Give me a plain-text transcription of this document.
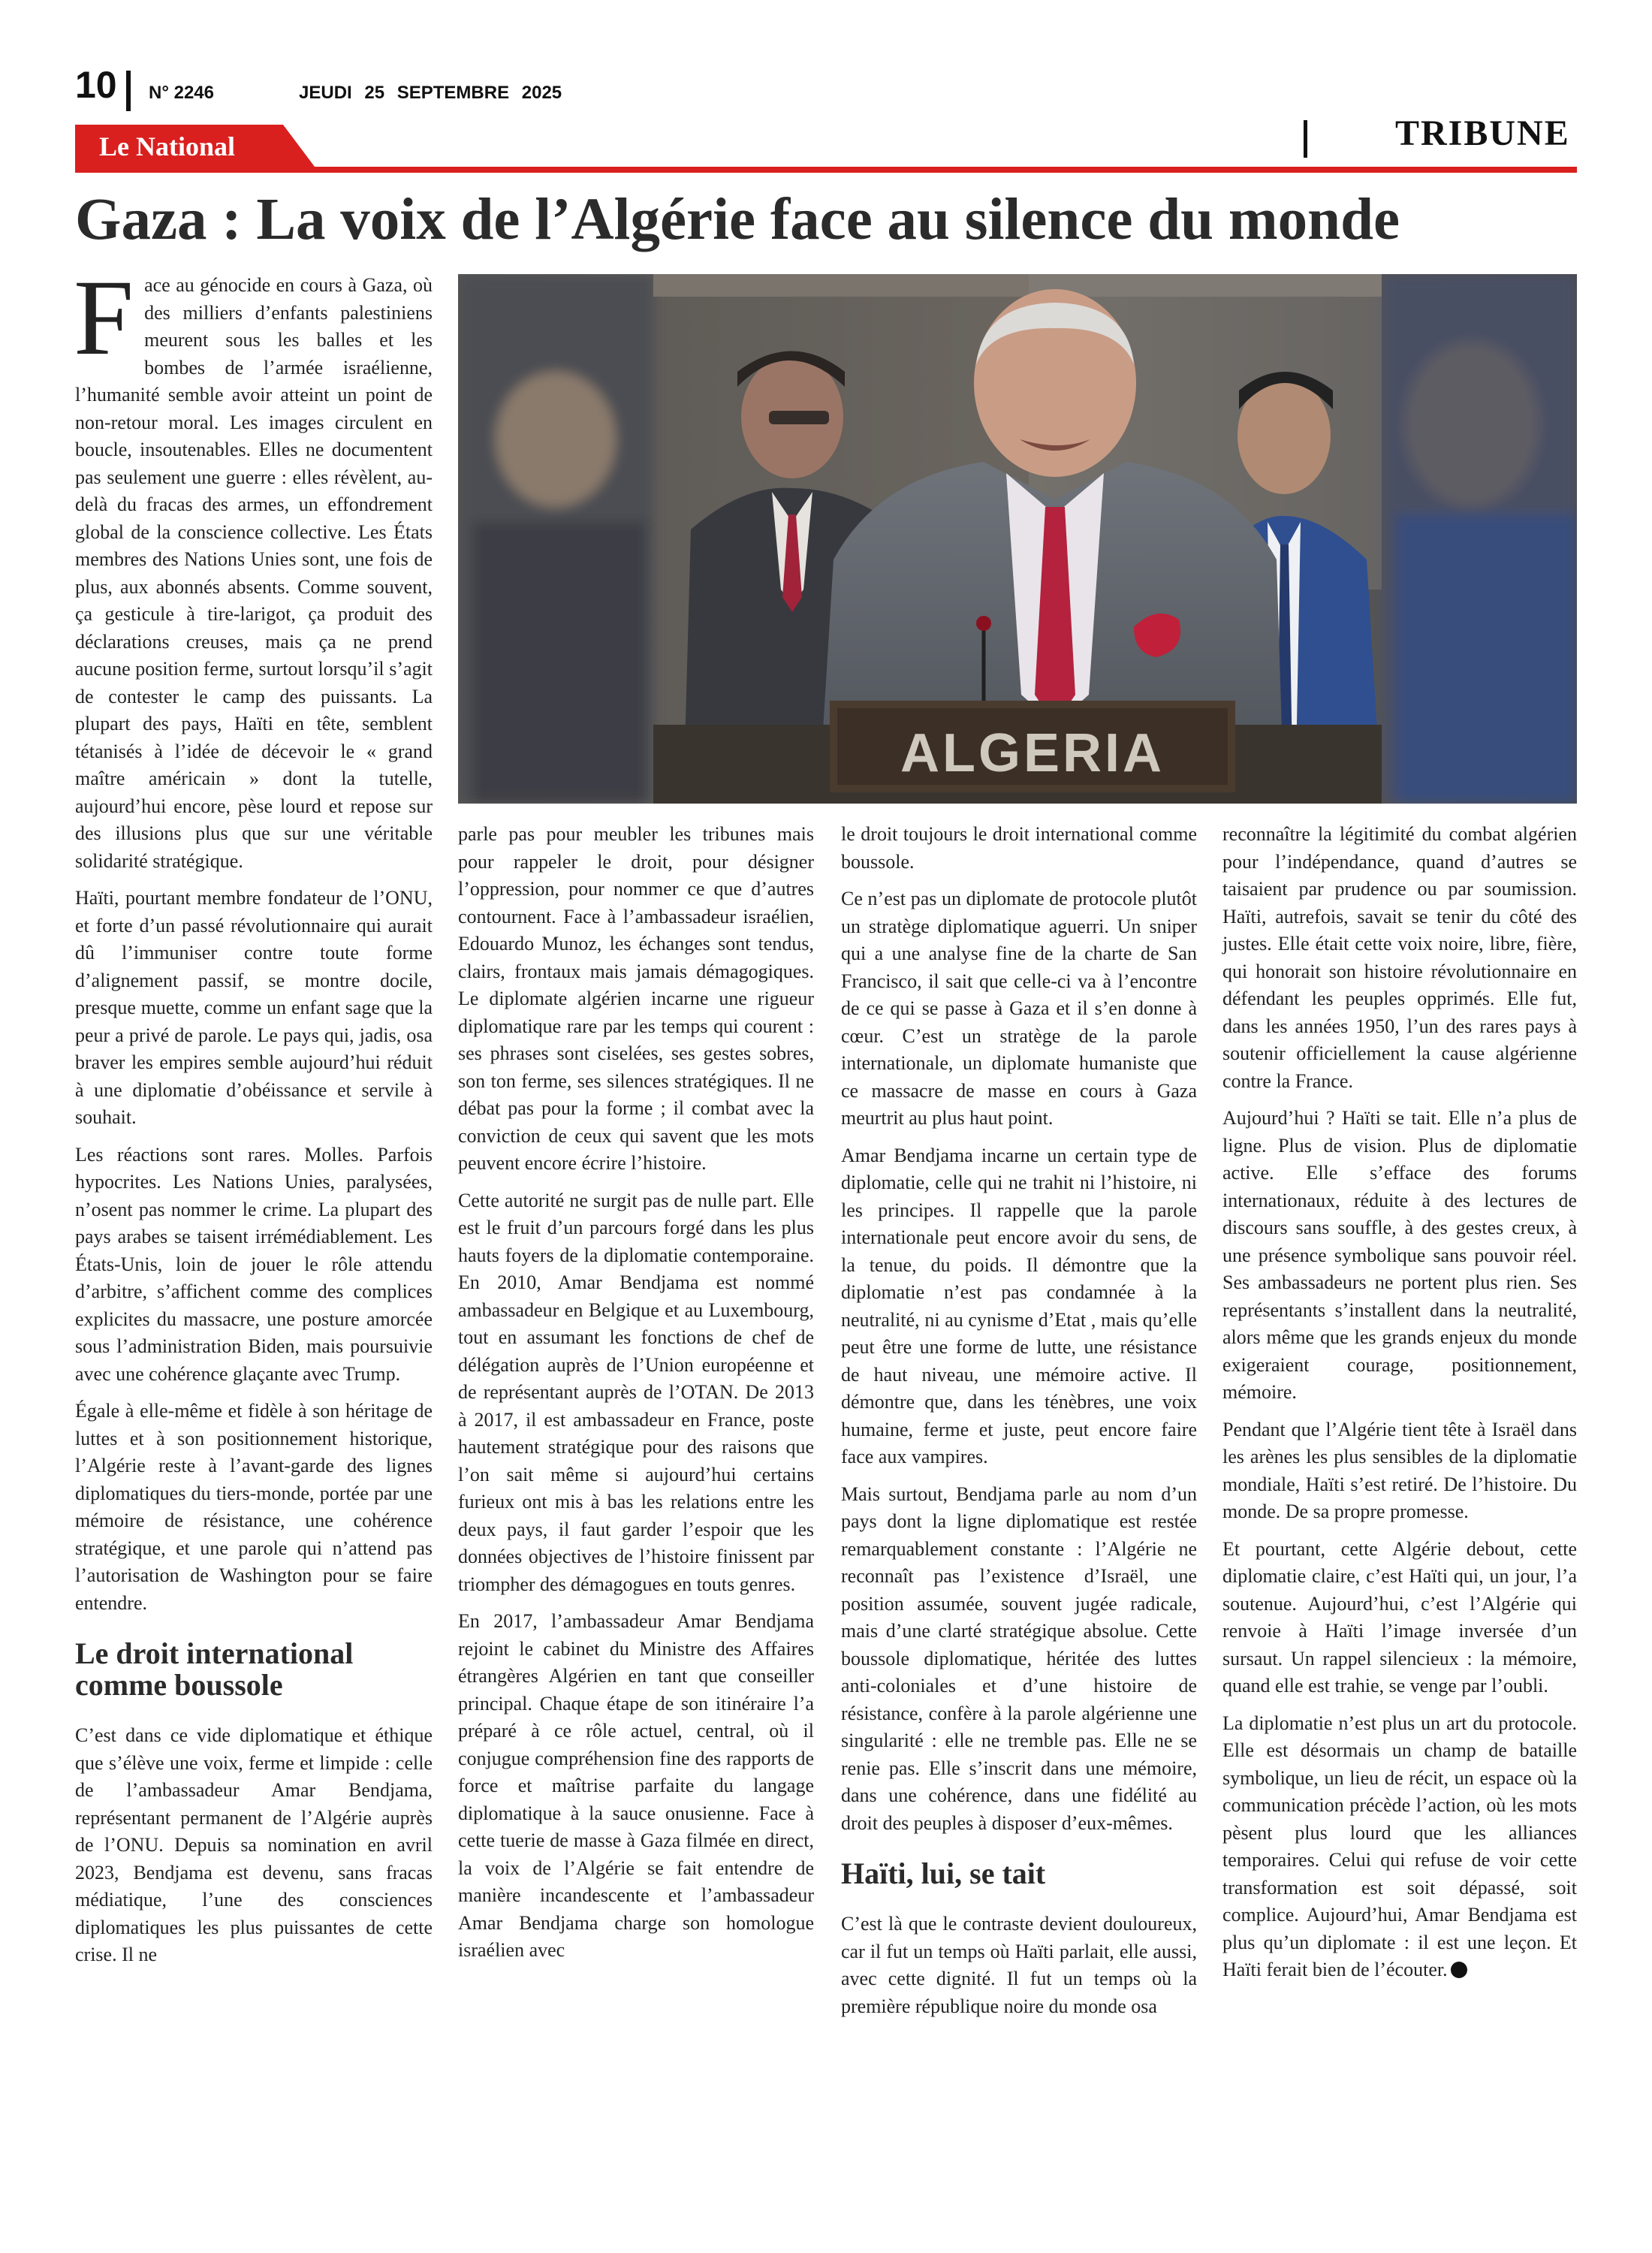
10 N° 2246	JEUDI 25 SEPTEMBRE 2025
Le National	TRIBUNE
Gaza : La voix de l’Algérie face au silence du monde
ALGERIA

Face au génocide en cours à Gaza, où des milliers d’enfants palestiniens meurent sous les balles et les bombes de l’armée israélienne, l’humanité semble avoir atteint un point de non-retour moral. Les images circulent en boucle, insoutenables. Elles ne documentent pas seulement une guerre : elles révèlent, au-delà du fracas des armes, un effondrement global de la conscience collective. Les États membres des Nations Unies sont, une fois de plus, aux abonnés absents. Comme souvent, ça gesticule à tire-larigot, ça produit des déclarations creuses, mais ça ne prend aucune position ferme, surtout lorsqu’il s’agit de contester le camp des puissants. La plupart des pays, Haïti en tête, semblent tétanisés à l’idée de décevoir le « grand maître américain » dont la tutelle, aujourd’hui encore, pèse lourd et repose sur des illusions plus que sur une véritable solidarité stratégique.

Haïti, pourtant membre fondateur de l’ONU, et forte d’un passé révolutionnaire qui aurait dû l’immuniser contre toute forme d’alignement passif, se montre docile, presque muette, comme un enfant sage que la peur a privé de parole. Le pays qui, jadis, osa braver les empires semble aujourd’hui réduit à une diplomatie d’obéissance et servile à souhait.

Les réactions sont rares. Molles. Parfois hypocrites. Les Nations Unies, paralysées, n’osent pas nommer le crime. La plupart des pays arabes se taisent irrémédiablement. Les États-Unis, loin de jouer le rôle attendu d’arbitre, s’affichent comme des complices explicites du massacre, une posture amorcée sous l’administration Biden, mais poursuivie avec une cohérence glaçante avec Trump.

Égale à elle-même et fidèle à son héritage de luttes et à son positionnement historique, l’Algérie reste à l’avant-garde des lignes diplomatiques du tiers-monde, portée par une mémoire de résistance, une cohérence stratégique, et une parole qui n’attend pas l’autorisation de Washington pour se faire entendre.

Le droit international comme boussole

C’est dans ce vide diplomatique et éthique que s’élève une voix, ferme et limpide : celle de l’ambassadeur Amar Bendjama, représentant permanent de l’Algérie auprès de l’ONU. Depuis sa nomination en avril 2023, Bendjama est devenu, sans fracas médiatique, l’une des consciences diplomatiques les plus puissantes de cette crise. Il ne

parle pas pour meubler les tribunes mais pour rappeler le droit, pour désigner l’oppression, pour nommer ce que d’autres contournent. Face à l’ambassadeur israélien, Edouardo Munoz, les échanges sont tendus, clairs, frontaux mais jamais démagogiques. Le diplomate algérien incarne une rigueur diplomatique rare par les temps qui courent : ses phrases sont ciselées, ses gestes sobres, son ton ferme, ses silences stratégiques. Il ne débat pas pour la forme ; il combat avec la conviction de ceux qui savent que les mots peuvent encore écrire l’histoire.

Cette autorité ne surgit pas de nulle part. Elle est le fruit d’un parcours forgé dans les plus hauts foyers de la diplomatie contemporaine. En 2010, Amar Bendjama est nommé ambassadeur en Belgique et au Luxembourg, tout en assumant les fonctions de chef de délégation auprès de l’Union européenne et de représentant auprès de l’OTAN. De 2013 à 2017, il est ambassadeur en France, poste hautement stratégique pour des raisons que l’on sait même si aujourd’hui certains furieux ont mis à bas les relations entre les deux pays, il faut garder l’espoir que les données objectives de l’histoire finissent par triompher des démagogues en touts genres.

En 2017, l’ambassadeur Amar Bendjama rejoint le cabinet du Ministre des Affaires étrangères Algérien en tant que conseiller principal. Chaque étape de son itinéraire l’a préparé à ce rôle actuel, central, où il conjugue compréhension fine des rapports de force et maîtrise parfaite du langage diplomatique à la sauce onusienne. Face à cette tuerie de masse à Gaza filmée en direct, la voix de l’Algérie se fait entendre de manière incandescente et l’ambassadeur Amar Bendjama charge son homologue israélien avec

le droit toujours le droit international comme boussole.

Ce n’est pas un diplomate de protocole plutôt un stratège diplomatique aguerri. Un sniper qui a une analyse fine de la charte de San Francisco, il sait que celle-ci va à l’encontre de ce qui se passe à Gaza et il s’en donne à cœur. C’est un stratège de la parole internationale, un diplomate humaniste que ce massacre de masse en cours à Gaza meurtrit au plus haut point.

Amar Bendjama incarne un certain type de diplomatie, celle qui ne trahit ni l’histoire, ni les principes. Il rappelle que la parole internationale peut encore avoir du sens, de la tenue, du poids. Il démontre que la diplomatie n’est pas condamnée à la neutralité, ni au cynisme d’Etat , mais qu’elle peut être une forme de lutte, une résistance de haut niveau, une mémoire active. Il démontre que, dans les ténèbres, une voix humaine, ferme et juste, peut encore faire face aux vampires.

Mais surtout, Bendjama parle au nom d’un pays dont la ligne diplomatique est restée remarquablement constante : l’Algérie ne reconnaît pas l’existence d’Israël, une position assumée, souvent jugée radicale, mais d’une clarté stratégique absolue. Cette boussole diplomatique, héritée des luttes anti-coloniales et d’une histoire de résistance, confère à la parole algérienne une singularité : elle ne tremble pas. Elle ne se renie pas. Elle s’inscrit dans une mémoire, dans une cohérence, dans une fidélité au droit des peuples à disposer d’eux-mêmes.

Haïti, lui, se tait

C’est là que le contraste devient douloureux, car il fut un temps où Haïti parlait, elle aussi, avec cette dignité. Il fut un temps où la première république noire du monde osa

reconnaître la légitimité du combat algérien pour l’indépendance, quand d’autres se taisaient par prudence ou par soumission. Haïti, autrefois, savait se tenir du côté des justes. Elle était cette voix noire, libre, fière, qui honorait son histoire révolutionnaire en défendant les peuples opprimés. Elle fut, dans les années 1950, l’un des rares pays à soutenir officiellement la cause algérienne contre la France.

Aujourd’hui ? Haïti se tait. Elle n’a plus de ligne. Plus de vision. Plus de diplomatie active. Elle s’efface des forums internationaux, réduite à des lectures de discours sans souffle, à des gestes creux, à une présence symbolique sans pouvoir réel. Ses ambassadeurs ne portent plus rien. Ses représentants s’installent dans la neutralité, alors même que les grands enjeux du monde exigeraient courage, positionnement, mémoire.

Pendant que l’Algérie tient tête à Israël dans les arènes les plus sensibles de la diplomatie mondiale, Haïti s’est retiré. De l’histoire. Du monde. De sa propre promesse.

Et pourtant, cette Algérie debout, cette diplomatie claire, c’est Haïti qui, un jour, l’a soutenue. Aujourd’hui, c’est l’Algérie qui renvoie à Haïti l’image inversée d’un sursaut. Un rappel silencieux : la mémoire, quand elle est trahie, se venge par l’oubli.

La diplomatie n’est plus un art du protocole. Elle est désormais un champ de bataille symbolique, un lieu de récit, un espace où la communication précède l’action, où les mots pèsent plus lourd que les alliances temporaires. Celui qui refuse de voir cette transformation est soit dépassé, soit complice. Aujourd’hui, Amar Bendjama est plus qu’un diplomate : il est une leçon. Et Haïti ferait bien de l’écouter.
